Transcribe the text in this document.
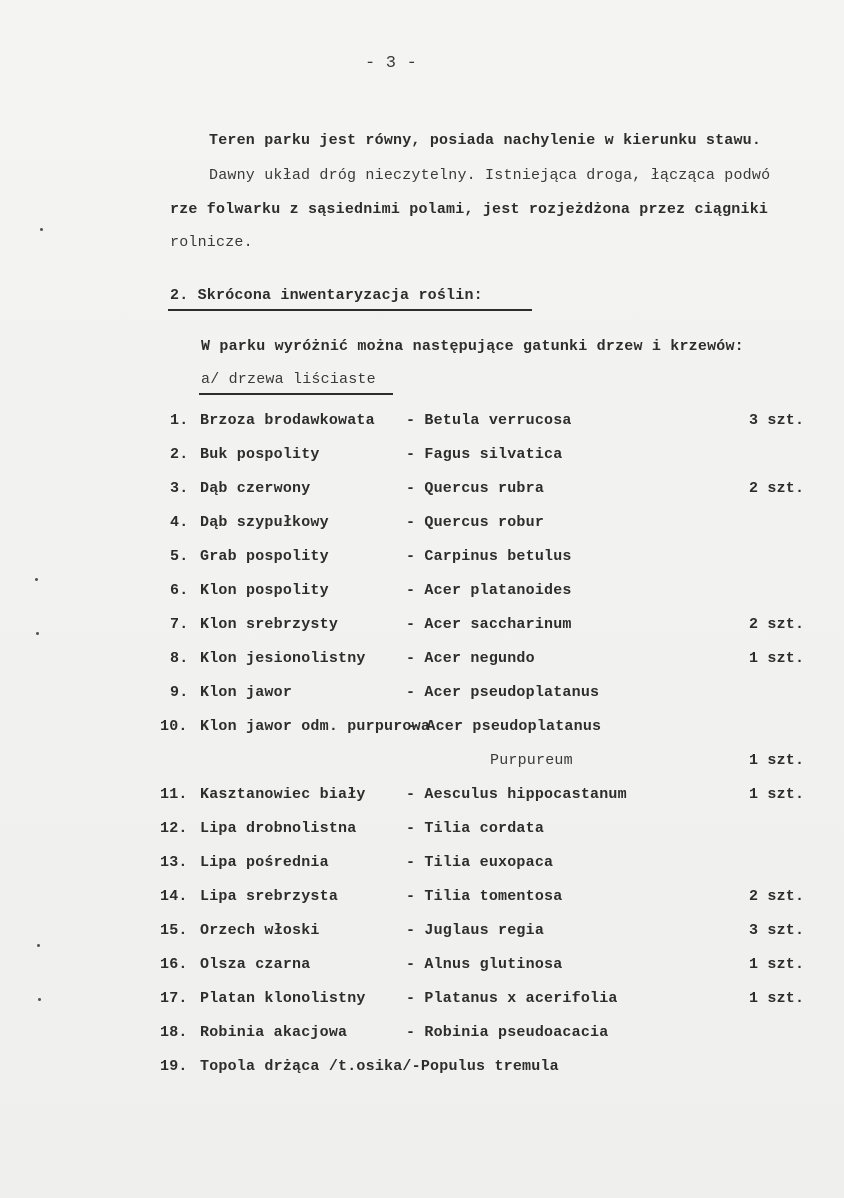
- 3 -
Teren parku jest równy, posiada nachylenie w kierunku stawu.
Dawny układ dróg nieczytelny. Istniejąca droga, łącząca podwó
rze folwarku z sąsiednimi polami, jest rozjeżdżona przez ciągniki
rolnicze.
2. Skrócona inwentaryzacja roślin:
W parku wyróżnić można następujące gatunki drzew i krzewów:
a/ drzewa liściaste
1. Brzoza brodawkowata - Betula verrucosa	3 szt.
2. Buk pospolity	- Fagus silvatica
3. Dąb czerwony	- Quercus rubra	2 szt.
4. Dąb szypułkowy	- Quercus robur
5. Grab pospolity	- Carpinus betulus
6. Klon pospolity	- Acer platanoides
7. Klon srebrzysty	- Acer saccharinum	2 szt.
8. Klon jesionolistny	- Acer negundo	1 szt.
9. Klon jawor	- Acer pseudoplatanus
10. Klon jawor odm. purpurowa
- Acer pseudoplatanus
Purpureum	1 szt.
11. Kasztanowiec biały	- Aesculus hippocastanum	1 szt.
12. Lipa drobnolistna	- Tilia cordata
13. Lipa pośrednia	- Tilia euxopaca
14. Lipa srebrzysta	- Tilia tomentosa	2 szt.
15. Orzech włoski	- Juglaus regia	3 szt.
16. Olsza czarna	- Alnus glutinosa	1 szt.
17. Platan klonolistny	- Platanus x acerifolia	1 szt.
18. Robinia akacjowa	- Robinia pseudoacacia
19. Topola drżąca /t.osika/-Populus tremula
